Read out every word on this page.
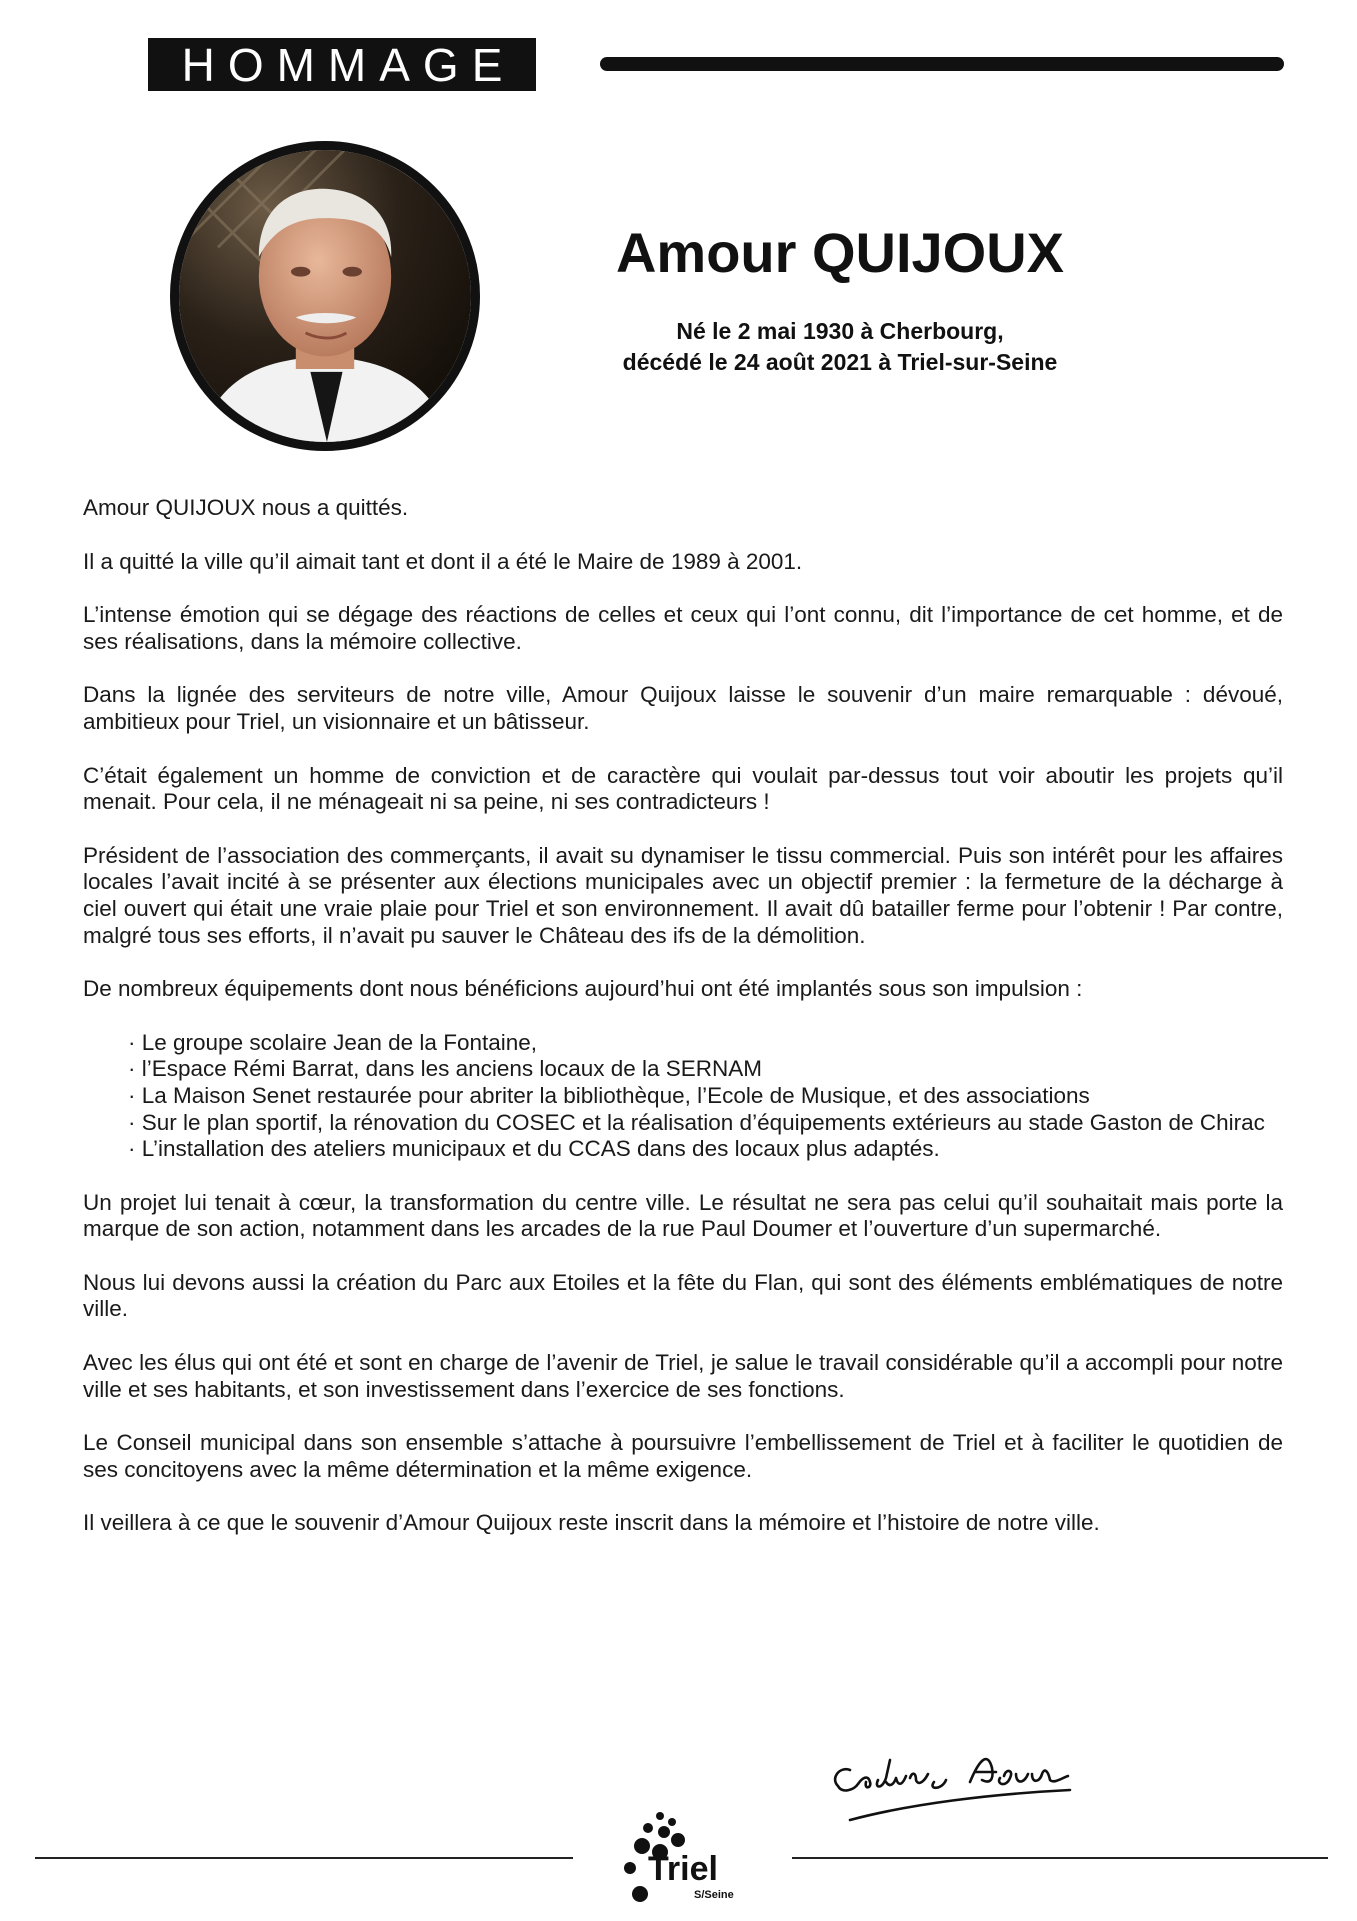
HOMMAGE
Amour QUIJOUX
Né le 2 mai 1930 à Cherbourg,
décédé le 24 août 2021 à Triel-sur-Seine

Amour QUIJOUX nous a quittés.

Il a quitté la ville qu’il aimait tant et dont il a été le Maire de 1989 à 2001.

L’intense émotion qui se dégage des réactions de celles et ceux qui l’ont connu, dit l’importance de cet homme, et de ses réalisations, dans la mémoire collective.

Dans la lignée des serviteurs de notre ville, Amour Quijoux laisse le souvenir d’un maire remarquable : dévoué, ambitieux pour Triel, un visionnaire et un bâtisseur.

C’était également un homme de conviction et de caractère qui voulait par-dessus tout voir aboutir les projets qu’il menait. Pour cela, il ne ménageait ni sa peine, ni ses contradicteurs !

Président de l’association des commerçants, il avait su dynamiser le tissu commercial. Puis son intérêt pour les affaires locales l’avait incité à se présenter aux élections municipales avec un objectif premier : la fermeture de la décharge à ciel ouvert qui était une vraie plaie pour Triel et son environnement. Il avait dû batailler ferme pour l’obtenir ! Par contre, malgré tous ses efforts, il n’avait pu sauver le Château des ifs de la démolition.

De nombreux équipements dont nous bénéficions aujourd’hui ont été implantés sous son impulsion :

· Le groupe scolaire Jean de la Fontaine,
· l’Espace Rémi Barrat, dans les anciens locaux de la SERNAM
· La Maison Senet restaurée pour abriter la bibliothèque, l’Ecole de Musique, et des associations
· Sur le plan sportif, la rénovation du COSEC et la réalisation d’équipements extérieurs au stade Gaston de Chirac
· L’installation des ateliers municipaux et du CCAS dans des locaux plus adaptés.

Un projet lui tenait à cœur, la transformation du centre ville. Le résultat ne sera pas celui qu’il souhaitait mais porte la marque de son action, notamment dans les arcades de la rue Paul Doumer et l’ouverture d’un supermarché.

Nous lui devons aussi la création du Parc aux Etoiles et la fête du Flan, qui sont des éléments emblématiques de notre ville.

Avec les élus qui ont été et sont en charge de l’avenir de Triel, je salue le travail considérable qu’il a accompli pour notre ville et ses habitants, et son investissement dans l’exercice de ses fonctions.

Le Conseil municipal dans son ensemble s’attache à poursuivre l’embellissement de Triel et à faciliter le quotidien de ses concitoyens avec la même détermination et la même exigence.

Il veillera à ce que le souvenir d’Amour Quijoux reste inscrit dans la mémoire et l’histoire de notre ville.

Triel
S/Seine
